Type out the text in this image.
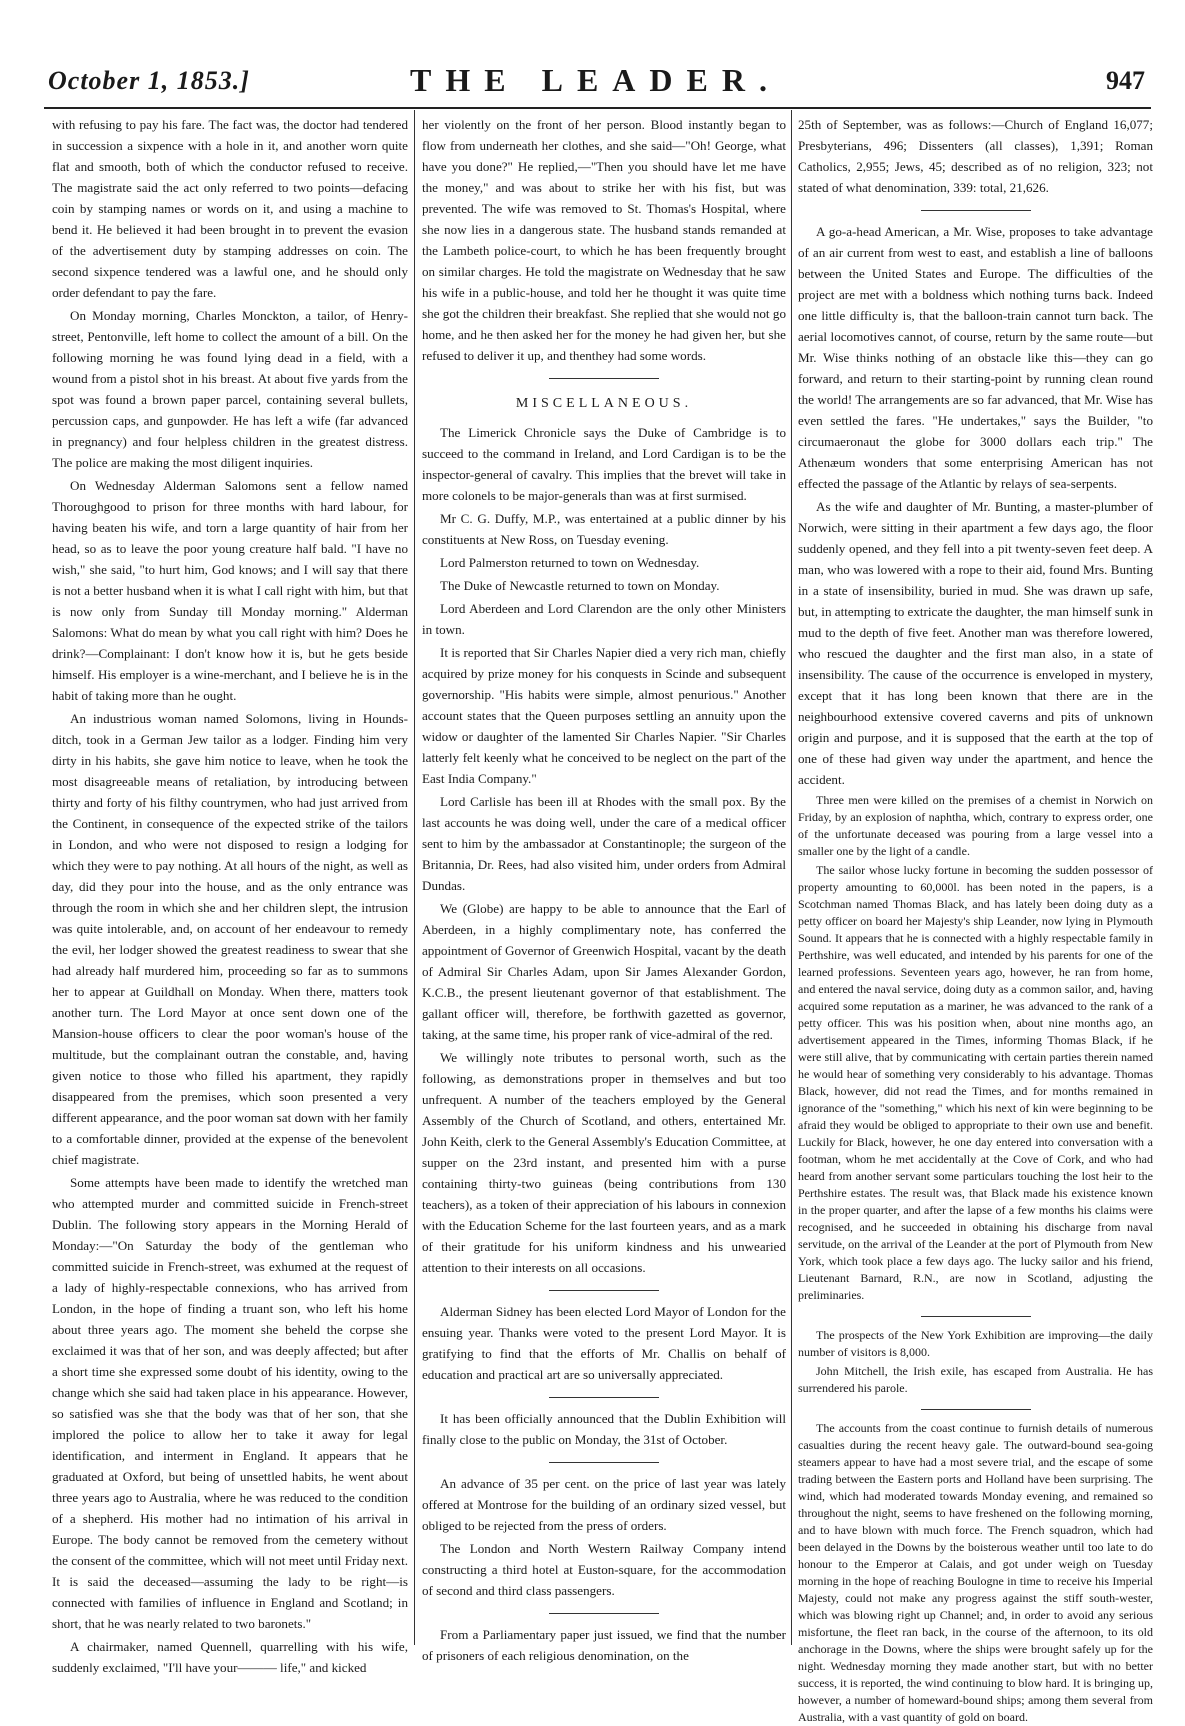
October 1, 1853.]	THE LEADER.	947

with refusing to pay his fare. The fact was, the doctor had tendered in succession a sixpence with a hole in it, and another worn quite flat and smooth, both of which the conductor refused to receive. The magistrate said the act only referred to two points—defacing coin by stamping names or words on it, and using a machine to bend it. He believed it had been brought in to prevent the evasion of the advertisement duty by stamping addresses on coin. The second sixpence tendered was a lawful one, and he should only order defendant to pay the fare.

On Monday morning, Charles Monckton, a tailor, of Henry-street, Pentonville, left home to collect the amount of a bill. On the following morning he was found lying dead in a field, with a wound from a pistol shot in his breast. At about five yards from the spot was found a brown paper parcel, containing several bullets, percussion caps, and gunpowder. He has left a wife (far advanced in pregnancy) and four helpless children in the greatest distress. The police are making the most diligent inquiries.

On Wednesday Alderman Salomons sent a fellow named Thoroughgood to prison for three months with hard labour, for having beaten his wife, and torn a large quantity of hair from her head, so as to leave the poor young creature half bald. "I have no wish," she said, "to hurt him, God knows; and I will say that there is not a better husband when it is what I call right with him, but that is now only from Sunday till Monday morning." Alderman Salomons: What do mean by what you call right with him? Does he drink?—Complainant: I don't know how it is, but he gets beside himself. His employer is a wine-merchant, and I believe he is in the habit of taking more than he ought.

An industrious woman named Solomons, living in Hounds-ditch, took in a German Jew tailor as a lodger. Finding him very dirty in his habits, she gave him notice to leave, when he took the most disagreeable means of retaliation, by introducing between thirty and forty of his filthy countrymen, who had just arrived from the Continent, in consequence of the expected strike of the tailors in London, and who were not disposed to resign a lodging for which they were to pay nothing. At all hours of the night, as well as day, did they pour into the house, and as the only entrance was through the room in which she and her children slept, the intrusion was quite intolerable, and, on account of her endeavour to remedy the evil, her lodger showed the greatest readiness to swear that she had already half murdered him, proceeding so far as to summons her to appear at Guildhall on Monday. When there, matters took another turn. The Lord Mayor at once sent down one of the Mansion-house officers to clear the poor woman's house of the multitude, but the complainant outran the constable, and, having given notice to those who filled his apartment, they rapidly disappeared from the premises, which soon presented a very different appearance, and the poor woman sat down with her family to a comfortable dinner, provided at the expense of the benevolent chief magistrate.

Some attempts have been made to identify the wretched man who attempted murder and committed suicide in French-street Dublin. The following story appears in the Morning Herald of Monday:—"On Saturday the body of the gentleman who committed suicide in French-street, was exhumed at the request of a lady of highly-respectable connexions, who has arrived from London, in the hope of finding a truant son, who left his home about three years ago. The moment she beheld the corpse she exclaimed it was that of her son, and was deeply affected; but after a short time she expressed some doubt of his identity, owing to the change which she said had taken place in his appearance. However, so satisfied was she that the body was that of her son, that she implored the police to allow her to take it away for legal identification, and interment in England. It appears that he graduated at Oxford, but being of unsettled habits, he went about three years ago to Australia, where he was reduced to the condition of a shepherd. His mother had no intimation of his arrival in Europe. The body cannot be removed from the cemetery without the consent of the committee, which will not meet until Friday next. It is said the deceased—assuming the lady to be right—is connected with families of influence in England and Scotland; in short, that he was nearly related to two baronets."

A chairmaker, named Quennell, quarrelling with his wife, suddenly exclaimed, "I'll have your——— life," and kicked

her violently on the front of her person. Blood instantly began to flow from underneath her clothes, and she said—"Oh! George, what have you done?" He replied,—"Then you should have let me have the money," and was about to strike her with his fist, but was prevented. The wife was removed to St. Thomas's Hospital, where she now lies in a dangerous state. The husband stands remanded at the Lambeth police-court, to which he has been frequently brought on similar charges. He told the magistrate on Wednesday that he saw his wife in a public-house, and told her he thought it was quite time she got the children their breakfast. She replied that she would not go home, and he then asked her for the money he had given her, but she refused to deliver it up, and thenthey had some words.

MISCELLANEOUS.

The Limerick Chronicle says the Duke of Cambridge is to succeed to the command in Ireland, and Lord Cardigan is to be the inspector-general of cavalry. This implies that the brevet will take in more colonels to be major-generals than was at first surmised.

Mr C. G. Duffy, M.P., was entertained at a public dinner by his constituents at New Ross, on Tuesday evening.

Lord Palmerston returned to town on Wednesday.

The Duke of Newcastle returned to town on Monday.

Lord Aberdeen and Lord Clarendon are the only other Ministers in town.

It is reported that Sir Charles Napier died a very rich man, chiefly acquired by prize money for his conquests in Scinde and subsequent governorship. "His habits were simple, almost penurious." Another account states that the Queen purposes settling an annuity upon the widow or daughter of the lamented Sir Charles Napier. "Sir Charles latterly felt keenly what he conceived to be neglect on the part of the East India Company."

Lord Carlisle has been ill at Rhodes with the small pox. By the last accounts he was doing well, under the care of a medical officer sent to him by the ambassador at Constantinople; the surgeon of the Britannia, Dr. Rees, had also visited him, under orders from Admiral Dundas.

We (Globe) are happy to be able to announce that the Earl of Aberdeen, in a highly complimentary note, has conferred the appointment of Governor of Greenwich Hospital, vacant by the death of Admiral Sir Charles Adam, upon Sir James Alexander Gordon, K.C.B., the present lieutenant governor of that establishment. The gallant officer will, therefore, be forthwith gazetted as governor, taking, at the same time, his proper rank of vice-admiral of the red.

We willingly note tributes to personal worth, such as the following, as demonstrations proper in themselves and but too unfrequent. A number of the teachers employed by the General Assembly of the Church of Scotland, and others, entertained Mr. John Keith, clerk to the General Assembly's Education Committee, at supper on the 23rd instant, and presented him with a purse containing thirty-two guineas (being contributions from 130 teachers), as a token of their appreciation of his labours in connexion with the Education Scheme for the last fourteen years, and as a mark of their gratitude for his uniform kindness and his unwearied attention to their interests on all occasions.

Alderman Sidney has been elected Lord Mayor of London for the ensuing year. Thanks were voted to the present Lord Mayor. It is gratifying to find that the efforts of Mr. Challis on behalf of education and practical art are so universally appreciated.

It has been officially announced that the Dublin Exhibition will finally close to the public on Monday, the 31st of October.

An advance of 35 per cent. on the price of last year was lately offered at Montrose for the building of an ordinary sized vessel, but obliged to be rejected from the press of orders.

The London and North Western Railway Company intend constructing a third hotel at Euston-square, for the accommodation of second and third class passengers.

From a Parliamentary paper just issued, we find that the number of prisoners of each religious denomination, on the

25th of September, was as follows:—Church of England 16,077; Presbyterians, 496; Dissenters (all classes), 1,391; Roman Catholics, 2,955; Jews, 45; described as of no religion, 323; not stated of what denomination, 339: total, 21,626.

A go-a-head American, a Mr. Wise, proposes to take advantage of an air current from west to east, and establish a line of balloons between the United States and Europe. The difficulties of the project are met with a boldness which nothing turns back. Indeed one little difficulty is, that the balloon-train cannot turn back. The aerial locomotives cannot, of course, return by the same route—but Mr. Wise thinks nothing of an obstacle like this—they can go forward, and return to their starting-point by running clean round the world! The arrangements are so far advanced, that Mr. Wise has even settled the fares. "He undertakes," says the Builder, "to circumaeronaut the globe for 3000 dollars each trip." The Athenæum wonders that some enterprising American has not effected the passage of the Atlantic by relays of sea-serpents.

As the wife and daughter of Mr. Bunting, a master-plumber of Norwich, were sitting in their apartment a few days ago, the floor suddenly opened, and they fell into a pit twenty-seven feet deep. A man, who was lowered with a rope to their aid, found Mrs. Bunting in a state of insensibility, buried in mud. She was drawn up safe, but, in attempting to extricate the daughter, the man himself sunk in mud to the depth of five feet. Another man was therefore lowered, who rescued the daughter and the first man also, in a state of insensibility. The cause of the occurrence is enveloped in mystery, except that it has long been known that there are in the neighbourhood extensive covered caverns and pits of unknown origin and purpose, and it is supposed that the earth at the top of one of these had given way under the apartment, and hence the accident.

Three men were killed on the premises of a chemist in Norwich on Friday, by an explosion of naphtha, which, contrary to express order, one of the unfortunate deceased was pouring from a large vessel into a smaller one by the light of a candle.

The sailor whose lucky fortune in becoming the sudden possessor of property amounting to 60,000l. has been noted in the papers, is a Scotchman named Thomas Black, and has lately been doing duty as a petty officer on board her Majesty's ship Leander, now lying in Plymouth Sound. It appears that he is connected with a highly respectable family in Perthshire, was well educated, and intended by his parents for one of the learned professions. Seventeen years ago, however, he ran from home, and entered the naval service, doing duty as a common sailor, and, having acquired some reputation as a mariner, he was advanced to the rank of a petty officer. This was his position when, about nine months ago, an advertisement appeared in the Times, informing Thomas Black, if he were still alive, that by communicating with certain parties therein named he would hear of something very considerably to his advantage. Thomas Black, however, did not read the Times, and for months remained in ignorance of the "something," which his next of kin were beginning to be afraid they would be obliged to appropriate to their own use and benefit. Luckily for Black, however, he one day entered into conversation with a footman, whom he met accidentally at the Cove of Cork, and who had heard from another servant some particulars touching the lost heir to the Perthshire estates. The result was, that Black made his existence known in the proper quarter, and after the lapse of a few months his claims were recognised, and he succeeded in obtaining his discharge from naval servitude, on the arrival of the Leander at the port of Plymouth from New York, which took place a few days ago. The lucky sailor and his friend, Lieutenant Barnard, R.N., are now in Scotland, adjusting the preliminaries.

The prospects of the New York Exhibition are improving—the daily number of visitors is 8,000.

John Mitchell, the Irish exile, has escaped from Australia. He has surrendered his parole.

The accounts from the coast continue to furnish details of numerous casualties during the recent heavy gale. The outward-bound sea-going steamers appear to have had a most severe trial, and the escape of some trading between the Eastern ports and Holland have been surprising. The wind, which had moderated towards Monday evening, and remained so throughout the night, seems to have freshened on the following morning, and to have blown with much force. The French squadron, which had been delayed in the Downs by the boisterous weather until too late to do honour to the Emperor at Calais, and got under weigh on Tuesday morning in the hope of reaching Boulogne in time to receive his Imperial Majesty, could not make any progress against the stiff south-wester, which was blowing right up Channel; and, in order to avoid any serious misfortune, the fleet ran back, in the course of the afternoon, to its old anchorage in the Downs, where the ships were brought safely up for the night. Wednesday morning they made another start, but with no better success, it is reported, the wind continuing to blow hard. It is bringing up, however, a number of homeward-bound ships; among them several from Australia, with a vast quantity of gold on board.
